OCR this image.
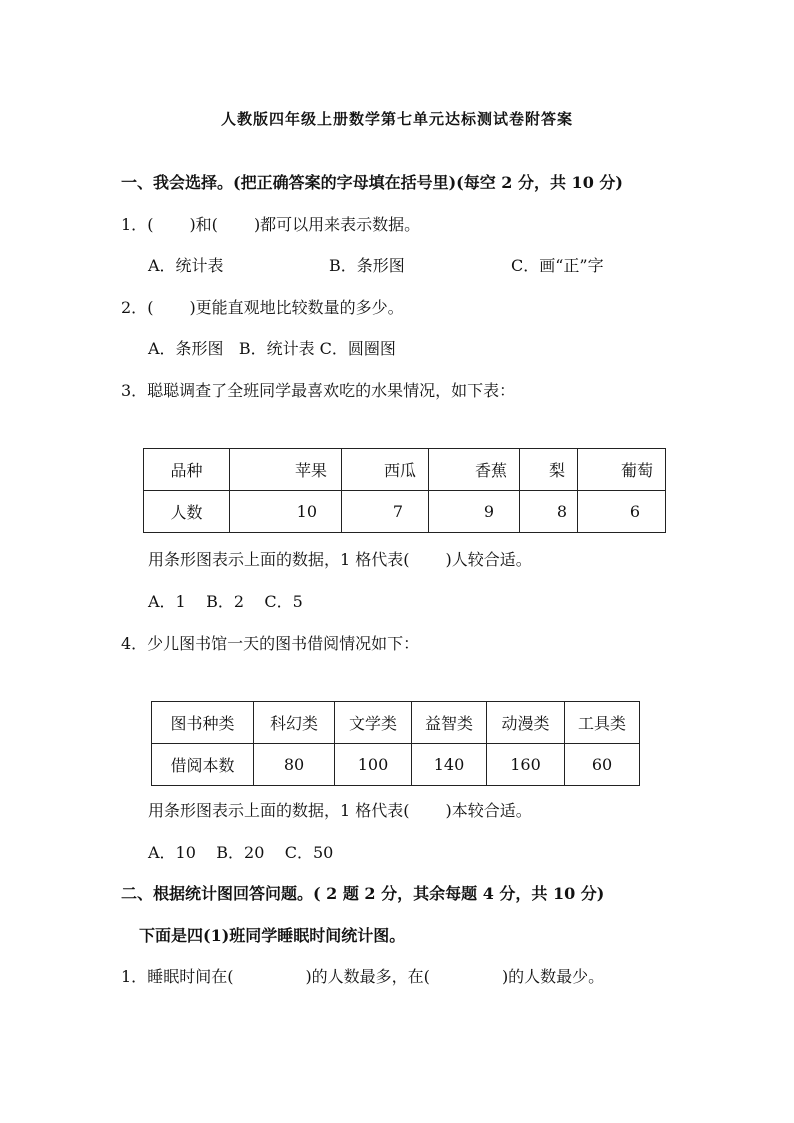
人教版四年级上册数学第七单元达标测试卷附答案
一、我会选择。(把正确答案的字母填在括号里)(每空 2 分，共 10 分)
1．( )和( )都可以用来表示数据。
A．统计表	B．条形图	C．画“正”字
2．( )更能直观地比较数量的多少。
A．条形图   B．统计表 C．圆圈图
3．聪聪调查了全班同学最喜欢吃的水果情况，如下表：
品种	苹果	西瓜	香蕉	梨	葡萄
人数	10	7	9	8	6
用条形图表示上面的数据，1 格代表( )人较合适。
A．1    B．2    C．5
4．少儿图书馆一天的图书借阅情况如下：
图书种类	科幻类	文学类	益智类	动漫类	工具类
借阅本数	80	100	140	160	60
用条形图表示上面的数据，1 格代表( )本较合适。
A．10    B．20    C．50
二、根据统计图回答问题。( 2 题 2 分，其余每题 4 分，共 10 分)
下面是四(1)班同学睡眠时间统计图。
1．睡眠时间在(	)的人数最多，在(	)的人数最少。
